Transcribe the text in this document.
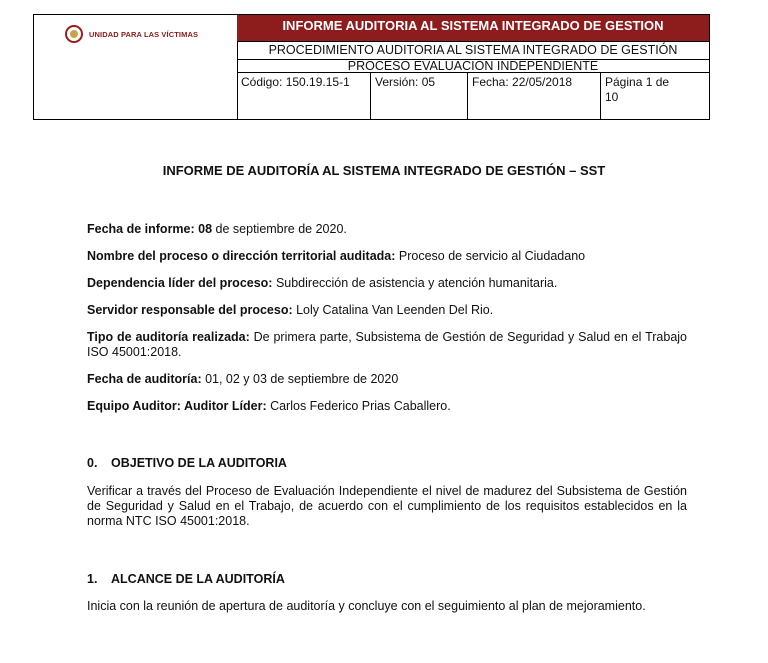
UNIDAD PARA LAS VÍCTIMAS
INFORME AUDITORIA AL SISTEMA INTEGRADO DE GESTION
PROCEDIMIENTO AUDITORIA AL SISTEMA INTEGRADO DE GESTIÓN
PROCESO EVALUACIÒN INDEPENDIENTE
Código: 150.19.15-1	Versión: 05	Fecha: 22/05/2018	Página 1 de
10
INFORME DE AUDITORÍA AL SISTEMA INTEGRADO DE GESTIÓN – SST
Fecha de informe: 08 de septiembre de 2020.
Nombre del proceso o dirección territorial auditada: Proceso de servicio al Ciudadano
Dependencia líder del proceso: Subdirección de asistencia y atención humanitaria.
Servidor responsable del proceso: Loly Catalina Van Leenden Del Rio.
Tipo de auditoría realizada: De primera parte, Subsistema de Gestión de Seguridad y Salud en el Trabajo ISO 45001:2018.
Fecha de auditoría: 01, 02 y 03 de septiembre de 2020
Equipo Auditor: Auditor Líder: Carlos Federico Prias Caballero.
0. OBJETIVO DE LA AUDITORIA
Verificar a través del Proceso de Evaluación Independiente el nivel de madurez del Subsistema de Gestión de Seguridad y Salud en el Trabajo, de acuerdo con el cumplimiento de los requisitos establecidos en la norma NTC ISO 45001:2018.
1. ALCANCE DE LA AUDITORÍA
Inicia con la reunión de apertura de auditoría y concluye con el seguimiento al plan de mejoramiento.
